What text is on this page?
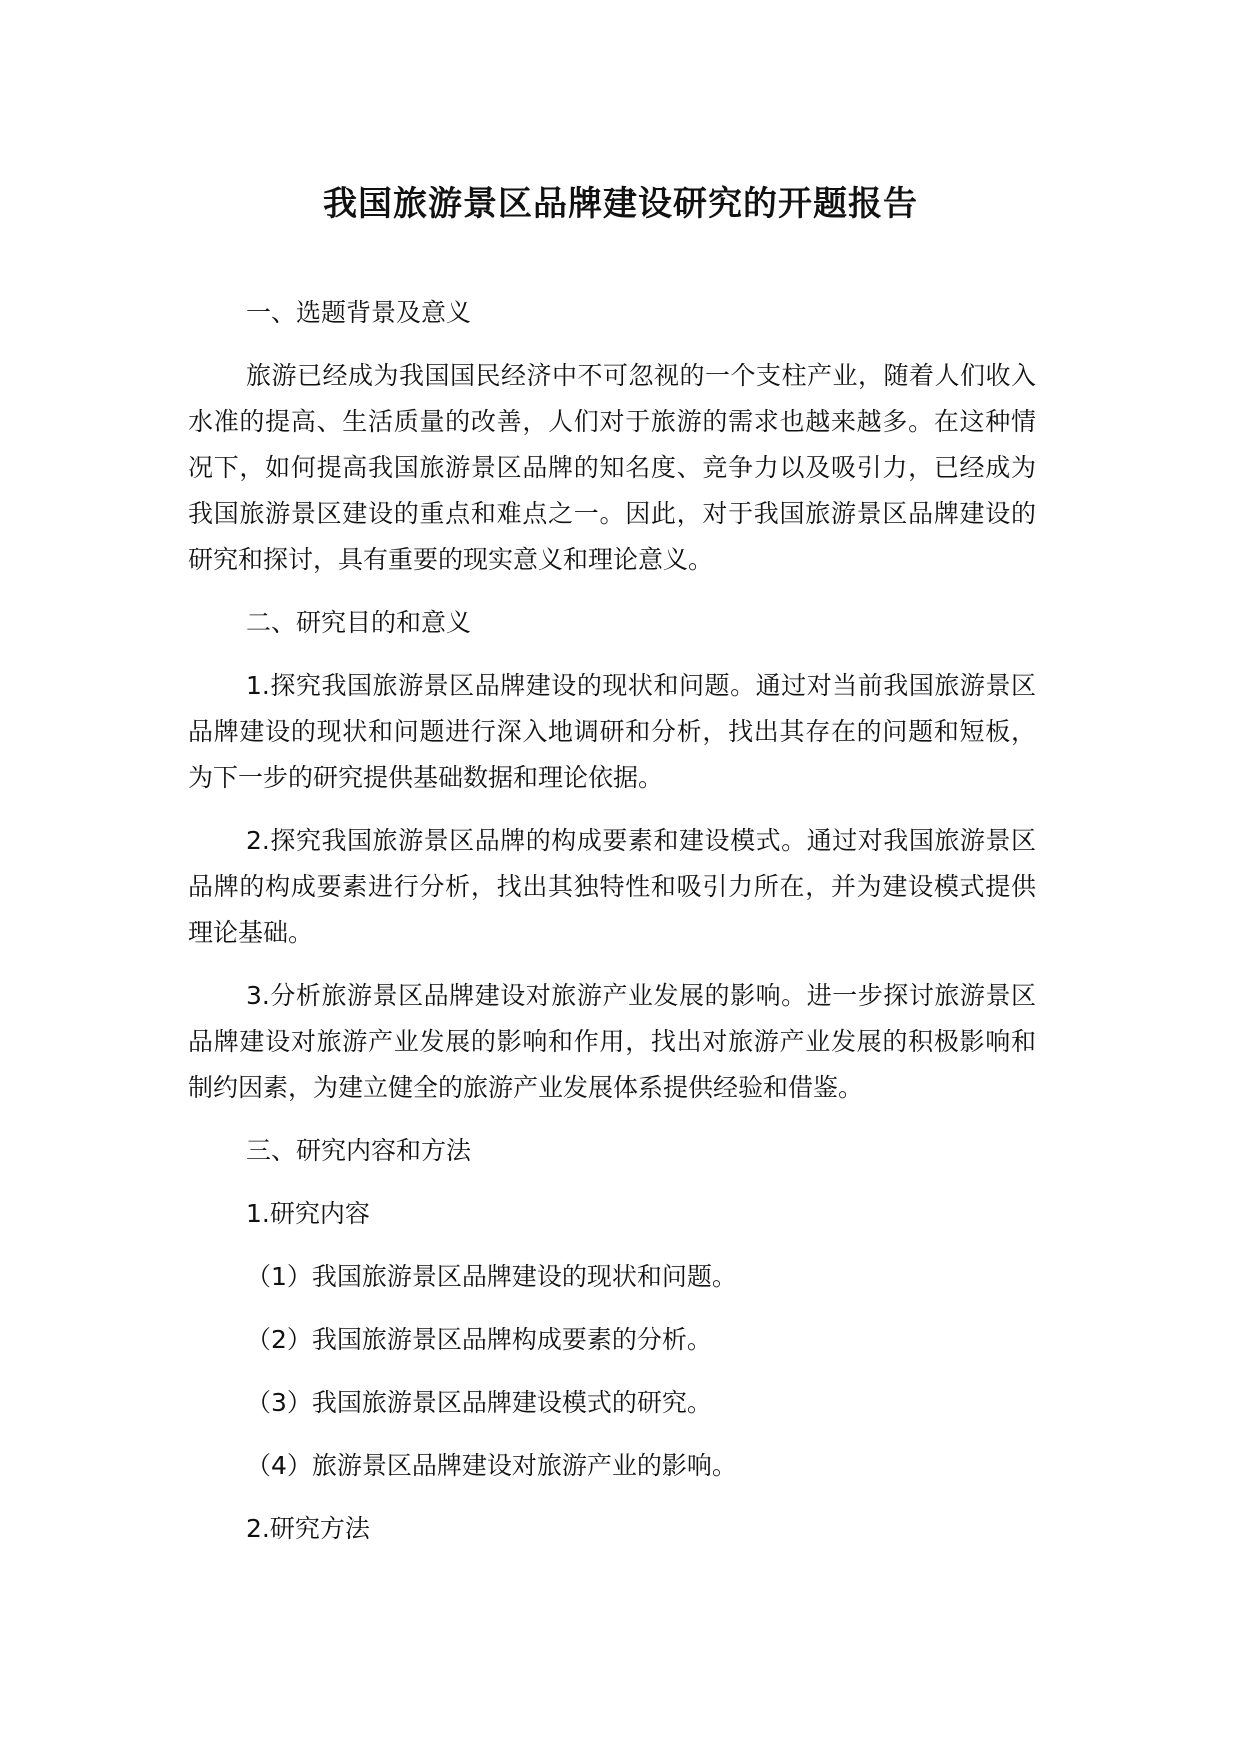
我国旅游景区品牌建设研究的开题报告

一、选题背景及意义

旅游已经成为我国国民经济中不可忽视的一个支柱产业，随着人们收入水准的提高、生活质量的改善，人们对于旅游的需求也越来越多。在这种情况下，如何提高我国旅游景区品牌的知名度、竞争力以及吸引力，已经成为我国旅游景区建设的重点和难点之一。因此，对于我国旅游景区品牌建设的研究和探讨，具有重要的现实意义和理论意义。

二、研究目的和意义

1.探究我国旅游景区品牌建设的现状和问题。通过对当前我国旅游景区品牌建设的现状和问题进行深入地调研和分析，找出其存在的问题和短板，为下一步的研究提供基础数据和理论依据。

2.探究我国旅游景区品牌的构成要素和建设模式。通过对我国旅游景区品牌的构成要素进行分析，找出其独特性和吸引力所在，并为建设模式提供理论基础。

3.分析旅游景区品牌建设对旅游产业发展的影响。进一步探讨旅游景区品牌建设对旅游产业发展的影响和作用，找出对旅游产业发展的积极影响和制约因素，为建立健全的旅游产业发展体系提供经验和借鉴。

三、研究内容和方法

1.研究内容

（1）我国旅游景区品牌建设的现状和问题。

（2）我国旅游景区品牌构成要素的分析。

（3）我国旅游景区品牌建设模式的研究。

（4）旅游景区品牌建设对旅游产业的影响。

2.研究方法
